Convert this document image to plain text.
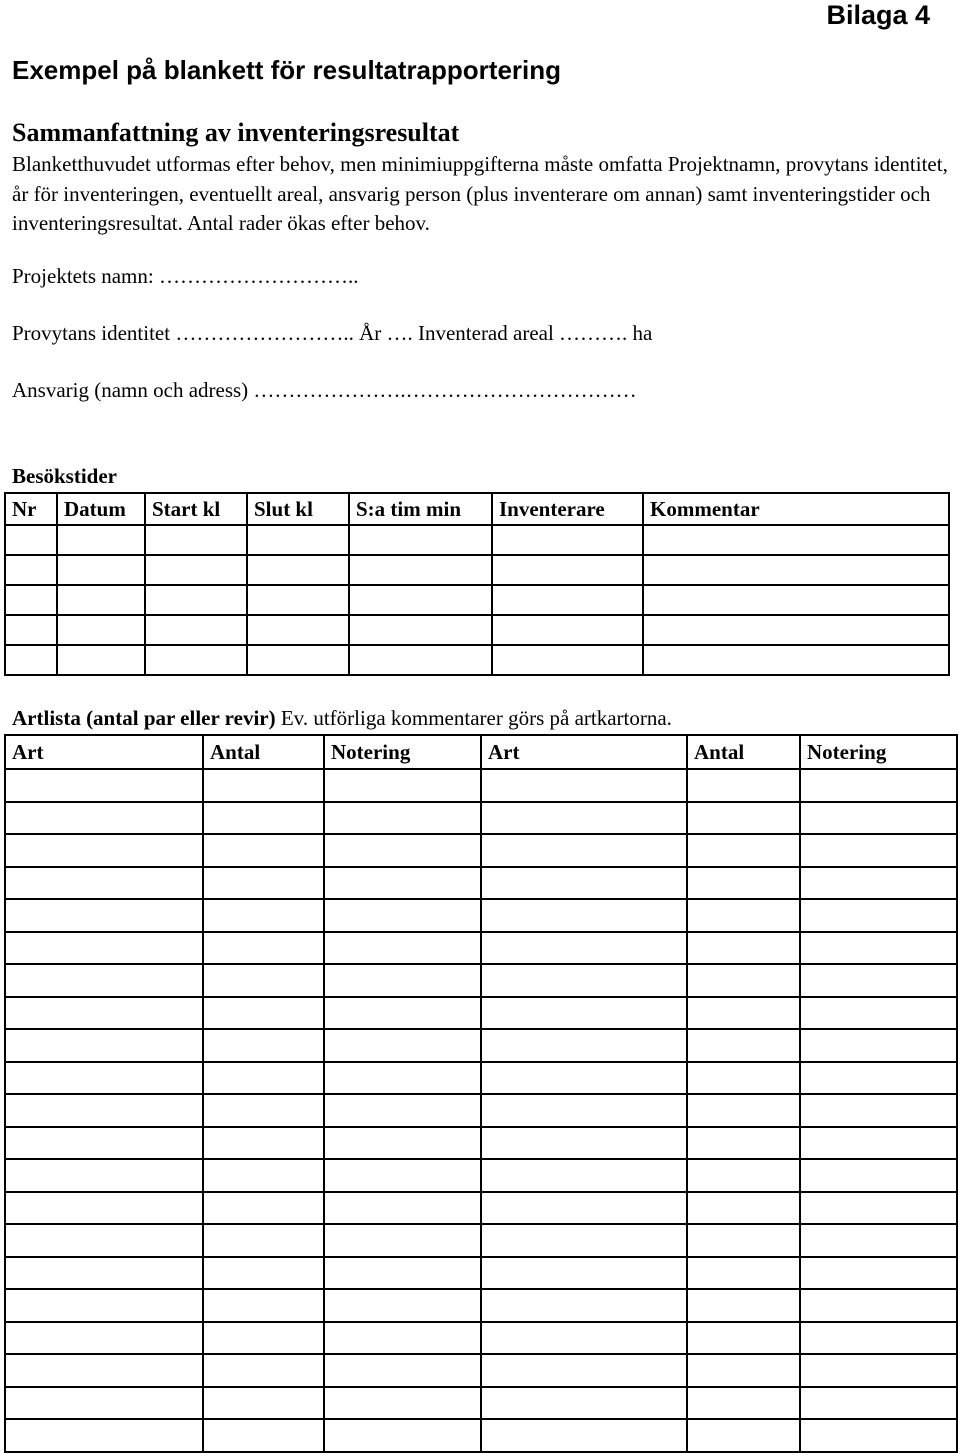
Bilaga 4
Exempel på blankett för resultatrapportering
Sammanfattning av inventeringsresultat
Blanketthuvudet utformas efter behov, men minimiuppgifterna måste omfatta Projektnamn, provytans identitet, år för inventeringen, eventuellt areal, ansvarig person (plus inventerare om annan) samt inventeringstider och inventeringsresultat. Antal rader ökas efter behov.
Projektets namn: ………………………..
Provytans identitet …………………….. År …. Inventerad areal ………. ha
Ansvarig (namn och adress) ………………….……………………………
Besökstider
Nr	Datum	Start kl	Slut kl	S:a tim min	Inventerare	Kommentar

Artlista (antal par eller revir) Ev. utförliga kommentarer görs på artkartorna.
Art	Antal	Notering	Art	Antal	Notering
